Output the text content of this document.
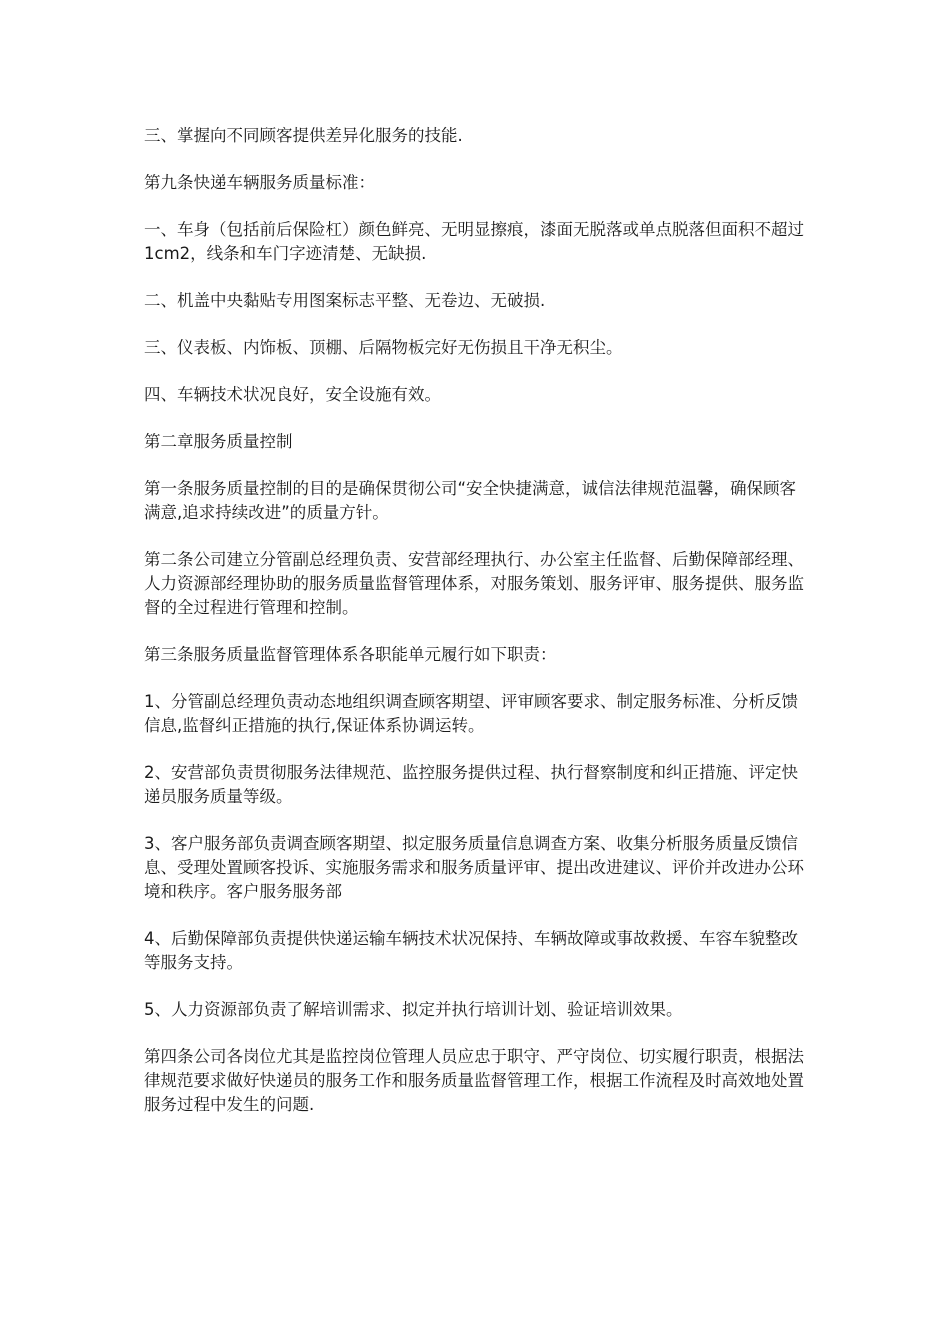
三、掌握向不同顾客提供差异化服务的技能.

第九条快递车辆服务质量标准：

一、车身（包括前后保险杠）颜色鲜亮、无明显擦痕，漆面无脱落或单点脱落但面积不超过 1cm2，线条和车门字迹清楚、无缺损.

二、机盖中央黏贴专用图案标志平整、无卷边、无破损.

三、仪表板、内饰板、顶棚、后隔物板完好无伤损且干净无积尘。

四、车辆技术状况良好，安全设施有效。

第二章服务质量控制

第一条服务质量控制的目的是确保贯彻公司“安全快捷满意，诚信法律规范温馨，确保顾客满意,追求持续改进”的质量方针。

第二条公司建立分管副总经理负责、安营部经理执行、办公室主任监督、后勤保障部经理、人力资源部经理协助的服务质量监督管理体系，对服务策划、服务评审、服务提供、服务监督的全过程进行管理和控制。

第三条服务质量监督管理体系各职能单元履行如下职责：

1、分管副总经理负责动态地组织调查顾客期望、评审顾客要求、制定服务标准、分析反馈信息,监督纠正措施的执行,保证体系协调运转。

2、安营部负责贯彻服务法律规范、监控服务提供过程、执行督察制度和纠正措施、评定快递员服务质量等级。

3、客户服务部负责调查顾客期望、拟定服务质量信息调查方案、收集分析服务质量反馈信息、受理处置顾客投诉、实施服务需求和服务质量评审、提出改进建议、评价并改进办公环境和秩序。客户服务服务部

4、后勤保障部负责提供快递运输车辆技术状况保持、车辆故障或事故救援、车容车貌整改等服务支持。

5、人力资源部负责了解培训需求、拟定并执行培训计划、验证培训效果。

第四条公司各岗位尤其是监控岗位管理人员应忠于职守、严守岗位、切实履行职责，根据法律规范要求做好快递员的服务工作和服务质量监督管理工作，根据工作流程及时高效地处置服务过程中发生的问题.
